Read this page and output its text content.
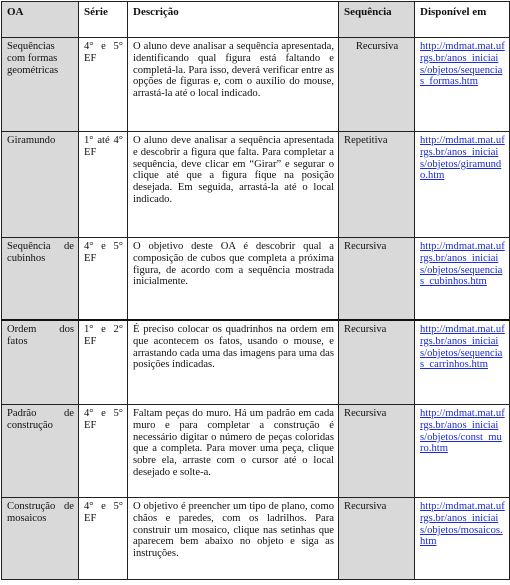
OA	Série	Descrição	Sequência	Disponível em
Sequências com formas geométricas	4° e 5° EF	O aluno deve analisar a sequência apresentada, identificando qual figura está faltando e completá-la. Para isso, deverá verificar entre as opções de figuras e, com o auxílio do mouse, arrastá-la até o local indicado.	Recursiva	http://mdmat.mat.ufrgs.br/anos_iniciais/objetos/sequencias_formas.htm
Giramundo	1° até 4° EF	O aluno deve analisar a sequência apresentada e descobrir a figura que falta. Para completar a sequência, deve clicar em “Girar” e segurar o clique até que a figura fique na posição desejada. Em seguida, arrastá-la até o local indicado.	Repetitiva	http://mdmat.mat.ufrgs.br/anos_iniciais/objetos/giramundo.htm
Sequência de cubinhos	4° e 5° EF	O objetivo deste OA é descobrir qual a composição de cubos que completa a próxima figura, de acordo com a sequência mostrada inicialmente.	Recursiva	http://mdmat.mat.ufrgs.br/anos_iniciais/objetos/sequencias_cubinhos.htm
Ordem dos fatos	1° e 2° EF	É preciso colocar os quadrinhos na ordem em que acontecem os fatos, usando o mouse, e arrastando cada uma das imagens para uma das posições indicadas.	Recursiva	http://mdmat.mat.ufrgs.br/anos_iniciais/objetos/sequencias_carrinhos.htm
Padrão de construção	4° e 5° EF	Faltam peças do muro. Há um padrão em cada muro e para completar a construção é necessário digitar o número de peças coloridas que a completa. Para mover uma peça, clique sobre ela, arraste com o cursor até o local desejado e solte-a.	Recursiva	http://mdmat.mat.ufrgs.br/anos_iniciais/objetos/const_muro.htm
Construção de mosaicos	4° e 5° EF	O objetivo é preencher um tipo de plano, como chãos e paredes, com os ladrilhos. Para construir um mosaico, clique nas setinhas que aparecem bem abaixo no objeto e siga as instruções.	Recursiva	http://mdmat.mat.ufrgs.br/anos_iniciais/objetos/mosaicos.htm
